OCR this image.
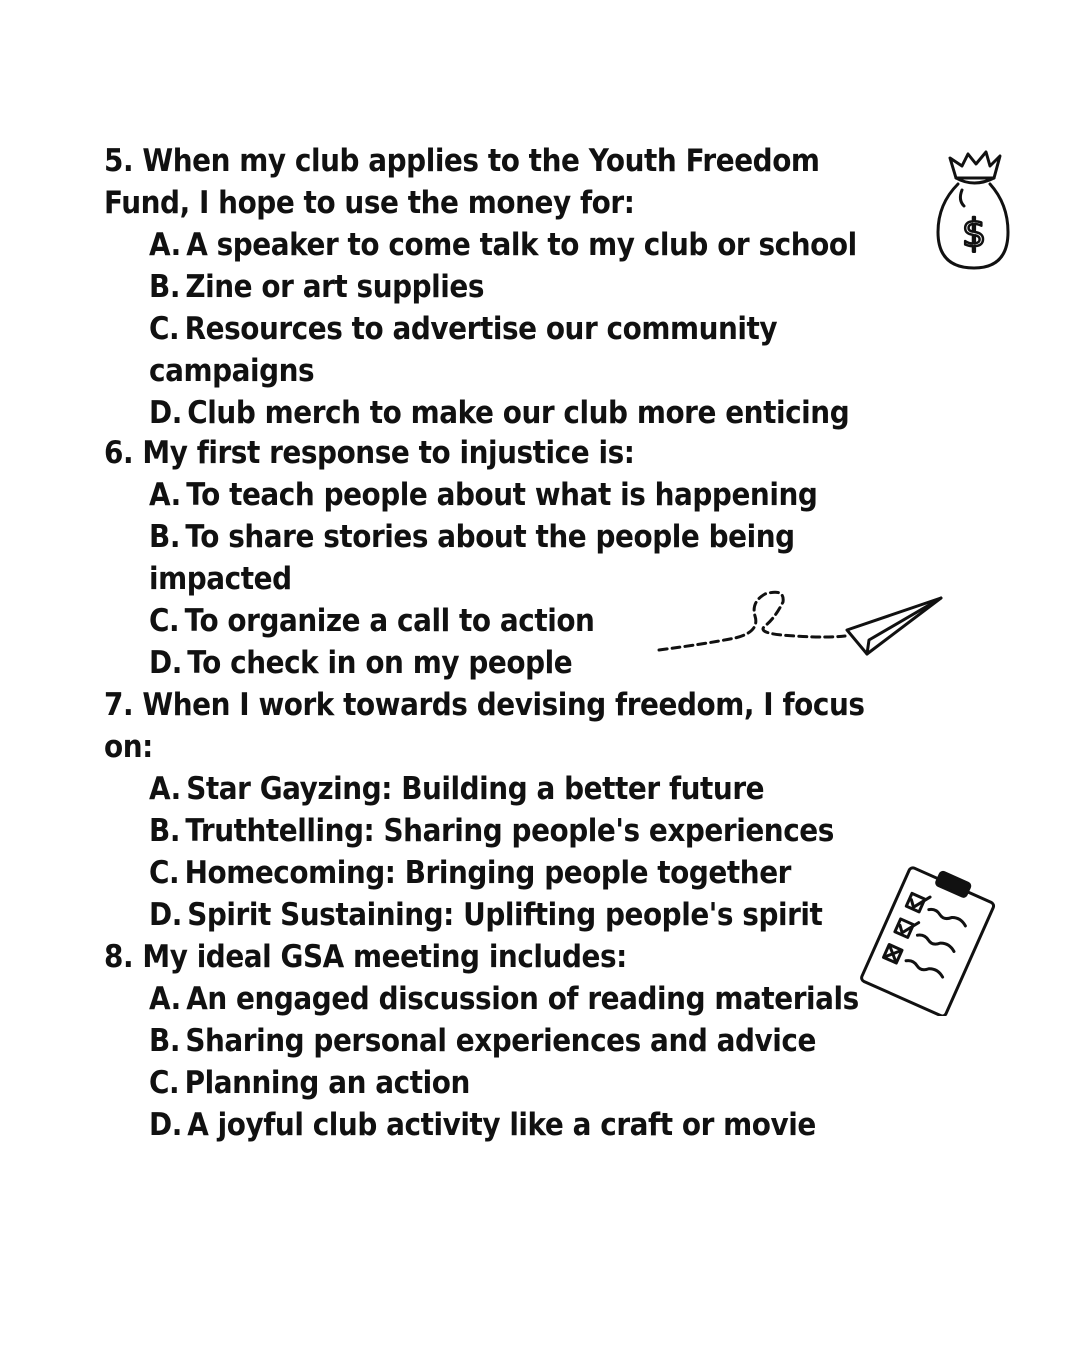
5. When my club applies to the Youth Freedom Fund, I hope to use the money for:
A. A speaker to come talk to my club or school
B. Zine or art supplies
C. Resources to advertise our community campaigns
D. Club merch to make our club more enticing
6. My first response to injustice is:
A. To teach people about what is happening
B. To share stories about the people being impacted
C. To organize a call to action
D. To check in on my people
7. When I work towards devising freedom, I focus on:
A. Star Gayzing: Building a better future
B. Truthtelling: Sharing people's experiences
C. Homecoming: Bringing people together
D. Spirit Sustaining: Uplifting people's spirit
8. My ideal GSA meeting includes:
A. An engaged discussion of reading materials
B. Sharing personal experiences and advice
C. Planning an action
D. A joyful club activity like a craft or movie
$
